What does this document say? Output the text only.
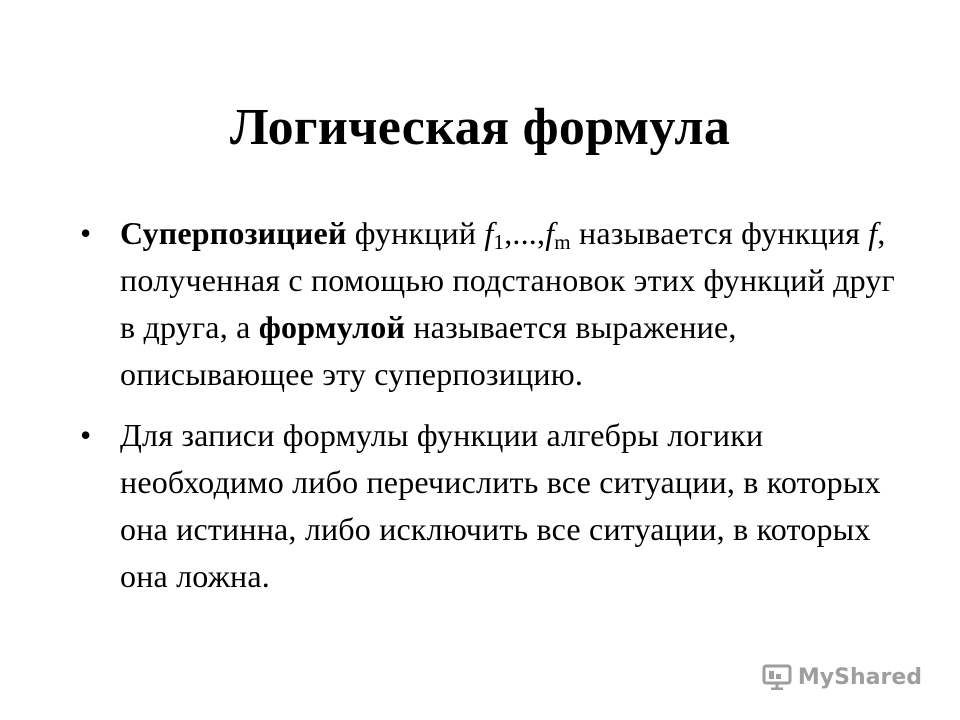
Логическая формула
• Суперпозицией функций $f_1,...,f_m$ называется функция f, полученная с помощью подстановок этих функций друг в друга, а формулой называется выражение, описывающее эту суперпозицию.
• Для записи формулы функции алгебры логики необходимо либо перечислить все ситуации, в которых она истинна, либо исключить все ситуации, в которых она ложна.
MyShared
